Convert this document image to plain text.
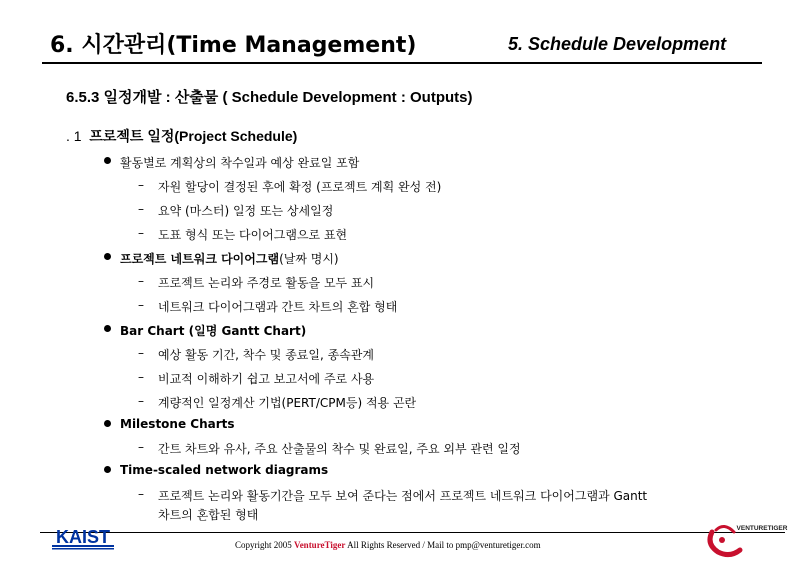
6. 시간관리(Time Management)	5. Schedule Development
6.5.3 일정개발 : 산출물 ( Schedule Development : Outputs)
. 1 프로젝트 일정(Project Schedule)
활동별로 계획상의 착수일과 예상 완료일 포함
– 자원 할당이 결정된 후에 확정 (프로젝트 계획 완성 전)
– 요약 (마스터) 일정 또는 상세일정
– 도표 형식 또는 다이어그램으로 표현
프로젝트 네트워크 다이어그램(날짜 명시)
– 프로젝트 논리와 주경로 활동을 모두 표시
– 네트워크 다이어그램과 간트 차트의 혼합 형태
Bar Chart (일명 Gantt Chart)
– 예상 활동 기간, 착수 및 종료일, 종속관계
– 비교적 이해하기 쉽고 보고서에 주로 사용
– 계량적인 일정계산 기법(PERT/CPM등) 적용 곤란
Milestone Charts
– 간트 차트와 유사, 주요 산출물의 착수 및 완료일, 주요 외부 관련 일정
Time-scaled network diagrams
– 프로젝트 논리와 활동기간을 모두 보여 준다는 점에서 프로젝트 네트워크 다이어그램과 Gantt
차트의 혼합된 형태
KAIST	Copyright 2005 VentureTiger All Rights Reserved / Mail to pmp@venturetiger.com
VENTURETIGER
